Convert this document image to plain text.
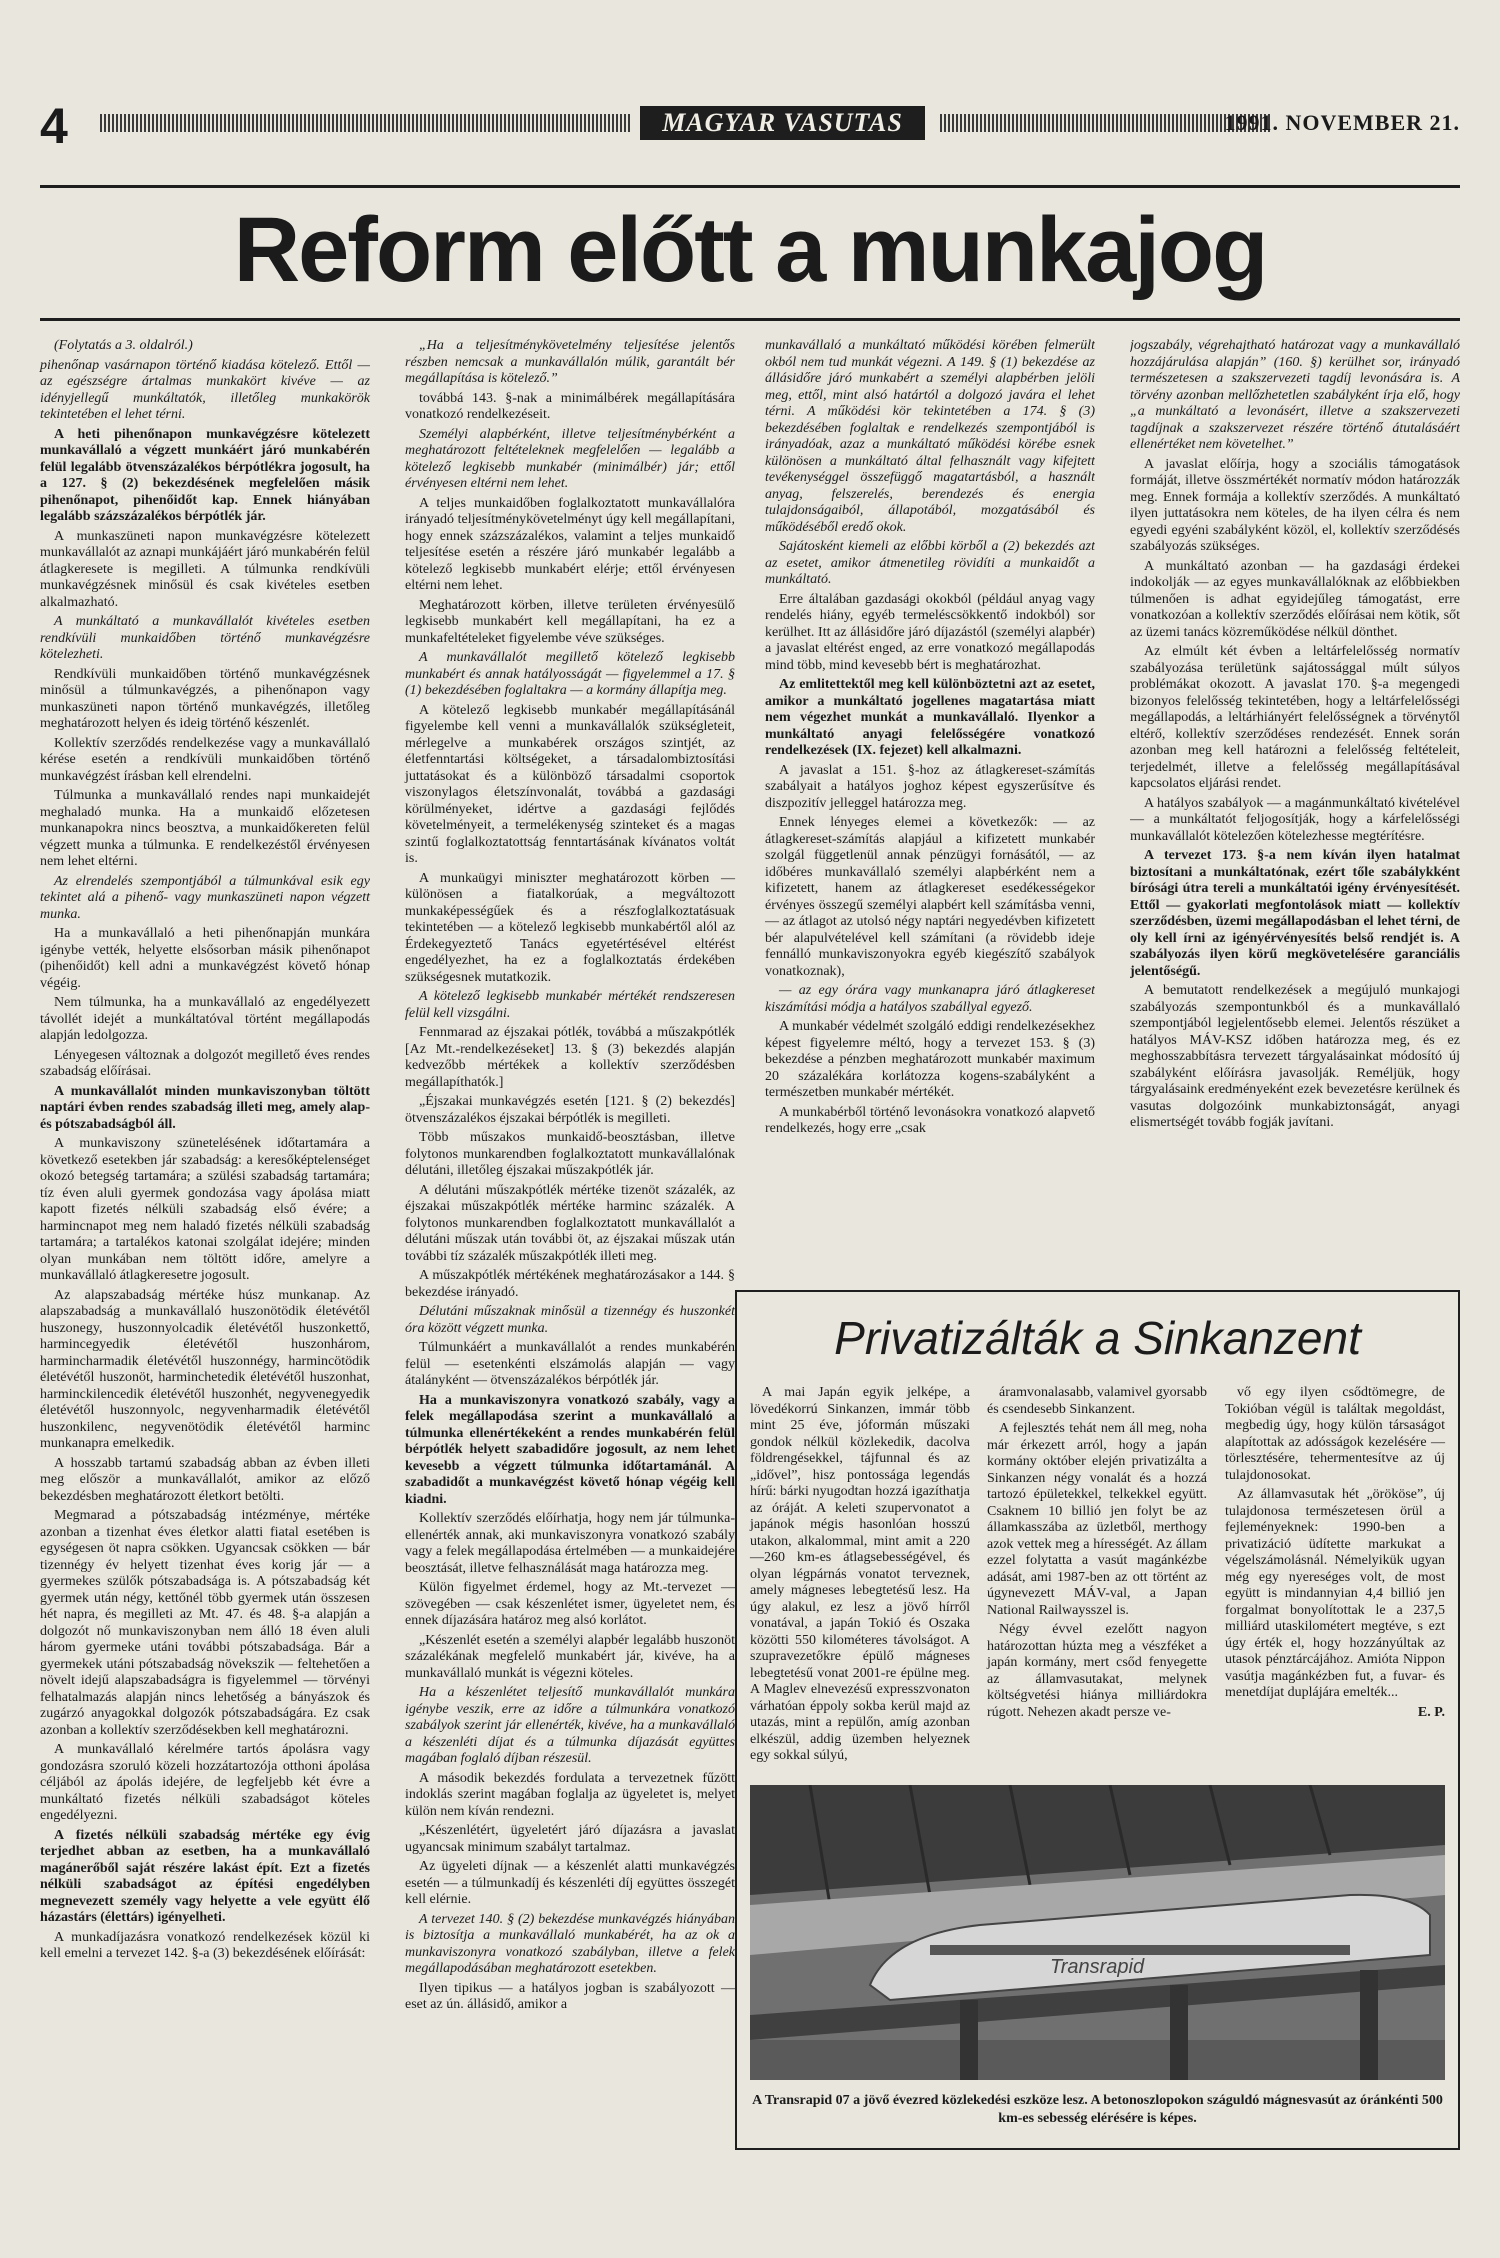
4	MAGYAR VASUTAS	1991. NOVEMBER 21.
Reform előtt a munkajog

(Folytatás a 3. oldalról.)

pihenőnap vasárnapon történő kiadása kötelező. Ettől — az egészségre ártalmas munkakört kivéve — az idényjellegű munkáltatók, illetőleg munkakörök tekintetében el lehet térni.

A heti pihenőnapon munkavégzésre kötelezett munkavállaló a végzett munkáért járó munkabérén felül legalább ötvenszázalékos bérpótlékra jogosult, ha a 127. § (2) bekezdésének megfelelően másik pihenőnapot, pihenőidőt kap. Ennek hiányában legalább százszázalékos bérpótlék jár.

A munkaszüneti napon munkavégzésre kötelezett munkavállalót az aznapi munkájáért járó munkabérén felül átlagkeresete is megilleti. A túlmunka rendkívüli munkavégzésnek minősül és csak kivételes esetben alkalmazható.

A munkáltató a munkavállalót kivételes esetben rendkívüli munkaidőben történő munkavégzésre kötelezheti.

Rendkívüli munkaidőben történő munkavégzésnek minősül a túlmunkavégzés, a pihenőnapon vagy munkaszüneti napon történő munkavégzés, illetőleg meghatározott helyen és ideig történő készenlét.

Kollektív szerződés rendelkezése vagy a munkavállaló kérése esetén a rendkívüli munkaidőben történő munkavégzést írásban kell elrendelni.

Túlmunka a munkavállaló rendes napi munkaidejét meghaladó munka. Ha a munkaidő előzetesen munkanapokra nincs beosztva, a munkaidőkereten felül végzett munka a túlmunka. E rendelkezéstől érvényesen nem lehet eltérni.

Az elrendelés szempontjából a túlmunkával esik egy tekintet alá a pihenő- vagy munkaszüneti napon végzett munka.

Ha a munkavállaló a heti pihenőnapján munkára igénybe vették, helyette elsősorban másik pihenőnapot (pihenőidőt) kell adni a munkavégzést követő hónap végéig.

Nem túlmunka, ha a munkavállaló az engedélyezett távollét idejét a munkáltatóval történt megállapodás alapján ledolgozza.

Lényegesen változnak a dolgozót megillető éves rendes szabadság előírásai.

A munkavállalót minden munkaviszonyban töltött naptári évben rendes szabadság illeti meg, amely alap- és pótszabadságból áll.

A munkaviszony szünetelésének időtartamára a következő esetekben jár szabadság: a keresőképtelenséget okozó betegség tartamára; a szülési szabadság tartamára; tíz éven aluli gyermek gondozása vagy ápolása miatt kapott fizetés nélküli szabadság első évére; a harmincnapot meg nem haladó fizetés nélküli szabadság tartamára; a tartalékos katonai szolgálat idejére; minden olyan munkában nem töltött időre, amelyre a munkavállaló átlagkeresetre jogosult.

Az alapszabadság mértéke húsz munkanap. Az alapszabadság a munkavállaló huszonötödik életévétől huszonegy, huszonnyolcadik életévétől huszonkettő, harmincegyedik életévétől huszonhárom, harmincharmadik életévétől huszonnégy, harmincötödik életévétől huszonöt, harminchetedik életévétől huszonhat, harminckilencedik életévétől huszonhét, negyvenegyedik életévétől huszonnyolc, negyvenharmadik életévétől huszonkilenc, negyvenötödik életévétől harminc munkanapra emelkedik.

A hosszabb tartamú szabadság abban az évben illeti meg először a munkavállalót, amikor az előző bekezdésben meghatározott életkort betölti.

Megmarad a pótszabadság intézménye, mértéke azonban a tizenhat éves életkor alatti fiatal esetében is egységesen öt napra csökken. Ugyancsak csökken — bár tizennégy év helyett tizenhat éves korig jár — a gyermekes szülők pótszabadsága is. A pótszabadság két gyermek után négy, kettőnél több gyermek után összesen hét napra, és megilleti az Mt. 47. és 48. §-a alapján a dolgozót nő munkaviszonyban nem álló 18 éven aluli három gyermeke utáni további pótszabadsága. Bár a gyermekek utáni pótszabadság növekszik — feltehetően a növelt idejű alapszabadságra is figyelemmel — törvényi felhatalmazás alapján nincs lehetőség a bányászok és zugárzó anyagokkal dolgozók pótszabadságára. Ez csak azonban a kollektív szerződésekben kell meghatározni.

A munkavállaló kérelmére tartós ápolásra vagy gondozásra szoruló közeli hozzátartozója otthoni ápolása céljából az ápolás idejére, de legfeljebb két évre a munkáltató fizetés nélküli szabadságot köteles engedélyezni.

A fizetés nélküli szabadság mértéke egy évig terjedhet abban az esetben, ha a munkavállaló magánerőből saját részére lakást épít. Ezt a fizetés nélküli szabadságot az építési engedélyben megnevezett személy vagy helyette a vele együtt élő házastárs (élettárs) igényelheti.

A munkadíjazásra vonatkozó rendelkezések közül ki kell emelni a tervezet 142. §-a (3) bekezdésének előírását:

„Ha a teljesítménykövetelmény teljesítése jelentős részben nemcsak a munkavállalón múlik, garantált bér megállapítása is kötelező.”

továbbá 143. §-nak a minimálbérek megállapítására vonatkozó rendelkezéseit.

Személyi alapbérként, illetve teljesítménybérként a meghatározott feltételeknek megfelelően — legalább a kötelező legkisebb munkabér (minimálbér) jár; ettől érvényesen eltérni nem lehet.

A teljes munkaidőben foglalkoztatott munkavállalóra irányadó teljesítménykövetelményt úgy kell megállapítani, hogy ennek százszázalékos, valamint a teljes munkaidő teljesítése esetén a részére járó munkabér legalább a kötelező legkisebb munkabért elérje; ettől érvényesen eltérni nem lehet.

Meghatározott körben, illetve területen érvényesülő legkisebb munkabért kell megállapítani, ha ez a munkafeltételeket figyelembe véve szükséges.

A munkavállalót megillető kötelező legkisebb munkabért és annak hatályosságát — figyelemmel a 17. § (1) bekezdésében foglaltakra — a kormány állapítja meg.

A kötelező legkisebb munkabér megállapításánál figyelembe kell venni a munkavállalók szükségleteit, mérlegelve a munkabérek országos szintjét, az életfenntartási költségeket, a társadalombiztosítási juttatásokat és a különböző társadalmi csoportok viszonylagos életszínvonalát, továbbá a gazdasági körülményeket, idértve a gazdasági fejlődés követelményeit, a termelékenység szinteket és a magas szintű foglalkoztatottság fenntartásának kívánatos voltát is.

A munkaügyi miniszter meghatározott körben — különösen a fiatalkorúak, a megváltozott munkaképességűek és a részfoglalkoztatásuak tekintetében — a kötelező legkisebb munkabértől alól az Érdekegyeztető Tanács egyetértésével eltérést engedélyezhet, ha ez a foglalkoztatás érdekében szükségesnek mutatkozik.

A kötelező legkisebb munkabér mértékét rendszeresen felül kell vizsgálni.

Fennmarad az éjszakai pótlék, továbbá a műszakpótlék [Az Mt.-rendelkezéseket] 13. § (3) bekezdés alapján kedvezőbb mértékek a kollektív szerződésben megállapíthatók.]

„Éjszakai munkavégzés esetén [121. § (2) bekezdés] ötvenszázalékos éjszakai bérpótlék is megilleti.

Több műszakos munkaidő-beosztásban, illetve folytonos munkarendben foglalkoztatott munkavállalónak délutáni, illetőleg éjszakai műszakpótlék jár.

A délutáni műszakpótlék mértéke tizenöt százalék, az éjszakai műszakpótlék mértéke harminc százalék. A folytonos munkarendben foglalkoztatott munkavállalót a délutáni műszak után további öt, az éjszakai műszak után további tíz százalék műszakpótlék illeti meg.

A műszakpótlék mértékének meghatározásakor a 144. § bekezdése irányadó.

Délutáni műszaknak minősül a tizennégy és huszonkét óra között végzett munka.

Túlmunkáért a munkavállalót a rendes munkabérén felül — esetenkénti elszámolás alapján — vagy átalányként — ötvenszázalékos bérpótlék jár.

Ha a munkaviszonyra vonatkozó szabály, vagy a felek megállapodása szerint a munkavállaló a túlmunka ellenértékeként a rendes munkabérén felül bérpótlék helyett szabadidőre jogosult, az nem lehet kevesebb a végzett túlmunka időtartamánál. A szabadidőt a munkavégzést követő hónap végéig kell kiadni.

Kollektív szerződés előírhatja, hogy nem jár túlmunka-ellenérték annak, aki munkaviszonyra vonatkozó szabály vagy a felek megállapodása értelmében — a munkaidejére beosztását, illetve felhasználását maga határozza meg.

Külön figyelmet érdemel, hogy az Mt.-tervezet — szövegében — csak készenlétet ismer, ügyeletet nem, és ennek díjazására határoz meg alsó korlátot.

„Készenlét esetén a személyi alapbér legalább huszonöt százalékának megfelelő munkabért jár, kivéve, ha a munkavállaló munkát is végezni köteles.

Ha a készenlétet teljesítő munkavállalót munkára igénybe veszik, erre az időre a túlmunkára vonatkozó szabályok szerint jár ellenérték, kivéve, ha a munkavállaló a készenléti díjat és a túlmunka díjazását együttes magában foglaló díjban részesül.

A második bekezdés fordulata a tervezetnek fűzött indoklás szerint magában foglalja az ügyeletet is, melyet külön nem kíván rendezni.

„Készenlétért, ügyeletért járó díjazásra a javaslat ugyancsak minimum szabályt tartalmaz.

Az ügyeleti díjnak — a készenlét alatti munkavégzés esetén — a túlmunkadíj és készenléti díj együttes összegét kell elérnie.

A tervezet 140. § (2) bekezdése munkavégzés hiányában is biztosítja a munkavállaló munkabérét, ha az ok a munkaviszonyra vonatkozó szabályban, illetve a felek megállapodásában meghatározott esetekben.

Ilyen tipikus — a hatályos jogban is szabályozott — eset az ún. állásidő, amikor a

munkavállaló a munkáltató működési körében felmerült okból nem tud munkát végezni. A 149. § (1) bekezdése az állásidőre járó munkabért a személyi alapbérben jelöli meg, ettől, mint alsó határtól a dolgozó javára el lehet térni. A működési kör tekintetében a 174. § (3) bekezdésében foglaltak e rendelkezés szempontjából is irányadóak, azaz a munkáltató működési körébe esnek különösen a munkáltató által felhasznált vagy kifejtett tevékenységgel összefüggő magatartásból, a használt anyag, felszerelés, berendezés és energia tulajdonságaiból, állapotából, mozgatásából és működéséből eredő okok.

Sajátosként kiemeli az előbbi körből a (2) bekezdés azt az esetet, amikor átmenetileg rövidíti a munkaidőt a munkáltató.

Erre általában gazdasági okokból (például anyag vagy rendelés hiány, egyéb termeléscsökkentő indokból) sor kerülhet. Itt az állásidőre járó díjazástól (személyi alapbér) a javaslat eltérést enged, az erre vonatkozó megállapodás mind több, mind kevesebb bért is meghatározhat.

Az emlitettektől meg kell különböztetni azt az esetet, amikor a munkáltató jogellenes magatartása miatt nem végezhet munkát a munkavállaló. Ilyenkor a munkáltató anyagi felelősségére vonatkozó rendelkezések (IX. fejezet) kell alkalmazni.

A javaslat a 151. §-hoz az átlagkereset-számítás szabályait a hatályos joghoz képest egyszerűsítve és diszpozitív jelleggel határozza meg.

Ennek lényeges elemei a következők: — az átlagkereset-számítás alapjául a kifizetett munkabér szolgál függetlenül annak pénzügyi fornásától, — az időbéres munkavállaló személyi alapbérként nem a kifizetett, hanem az átlagkereset esedékességekor érvényes összegű személyi alapbért kell számításba venni, — az átlagot az utolsó négy naptári negyedévben kifizetett bér alapulvételével kell számítani (a rövidebb ideje fennálló munkaviszonyokra egyéb kiegészítő szabályok vonatkoznak),

— az egy órára vagy munkanapra járó átlagkereset kiszámítási módja a hatályos szabállyal egyező.

A munkabér védelmét szolgáló eddigi rendelkezésekhez képest figyelemre méltó, hogy a tervezet 153. § (3) bekezdése a pénzben meghatározott munkabér maximum 20 százalékára korlátozza kogens-szabályként a természetben munkabér mértékét.

A munkabérből történő levonásokra vonatkozó alapvető rendelkezés, hogy erre „csak

jogszabály, végrehajtható határozat vagy a munkavállaló hozzájárulása alapján” (160. §) kerülhet sor, irányadó természetesen a szakszervezeti tagdíj levonására is. A törvény azonban mellőzhetetlen szabályként írja elő, hogy „a munkáltató a levonásért, illetve a szakszervezeti tagdíjnak a szakszervezet részére történő átutalásáért ellenértéket nem követelhet.”

A javaslat előírja, hogy a szociális támogatások formáját, illetve összmértékét normatív módon határozzák meg. Ennek formája a kollektív szerződés. A munkáltató ilyen juttatásokra nem köteles, de ha ilyen célra és nem egyedi egyéni szabályként közöl, el, kollektív szerződésés szabályozás szükséges.

A munkáltató azonban — ha gazdasági érdekei indokolják — az egyes munkavállalóknak az előbbiekben túlmenően is adhat egyidejűleg támogatást, erre vonatkozóan a kollektív szerződés előírásai nem kötik, sőt az üzemi tanács közreműködése nélkül dönthet.

Az elmúlt két évben a leltárfelelősség normatív szabályozása területünk sajátossággal múlt súlyos problémákat okozott. A javaslat 170. §-a megengedi bizonyos felelősség tekintetében, hogy a leltárfelelősségi megállapodás, a leltárhiányért felelősségnek a törvénytől eltérő, kollektív szerződéses rendezését. Ennek során azonban meg kell határozni a felelősség feltételeit, terjedelmét, illetve a felelősség megállapításával kapcsolatos eljárási rendet.

A hatályos szabályok — a magánmunkáltató kivételével — a munkáltatót feljogosítják, hogy a kárfelelősségi munkavállalót kötelezően kötelezhesse megtérítésre.

A tervezet 173. §-a nem kíván ilyen hatalmat biztosítani a munkáltatónak, ezért tőle szabálykként bírósági útra tereli a munkáltatói igény érvényesítését. Ettől — gyakorlati megfontolások miatt — kollektív szerződésben, üzemi megállapodásban el lehet térni, de oly kell írni az igényérvényesítés belső rendjét is. A szabályozás ilyen körű megkövetelésére garanciális jelentőségű.

A bemutatott rendelkezések a megújuló munkajogi szabályozás szempontunkból és a munkavállaló szempontjából legjelentősebb elemei. Jelentős részüket a hatályos MÁV-KSZ időben határozza meg, és ez meghosszabbításra tervezett tárgyalásainkat módosító új szabályként előírásra javasolják. Reméljük, hogy tárgyalásaink eredményeként ezek bevezetésre kerülnek és vasutas dolgozóink munkabiztonságát, anyagi elismertségét tovább fogják javítani.

Privatizálták a Sinkanzent

A mai Japán egyik jelképe, a lövedékorrú Sinkanzen, immár több mint 25 éve, jóformán műszaki gondok nélkül közlekedik, dacolva földrengésekkel, tájfunnal és az „idővel”, hisz pontossága legendás hírű: bárki nyugodtan hozzá igazíthatja az óráját. A keleti szupervonatot a japánok mégis hasonlóan hosszú utakon, alkalommal, mint amit a 220—260 km-es átlagsebességével, és olyan légpárnás vonatot terveznek, amely mágneses lebegtetésű lesz. Ha úgy alakul, ez lesz a jövő hírről vonatával, a japán Tokió és Oszaka közötti 550 kilométeres távolságot. A szupravezetőkre épülő mágneses lebegtetésű vonat 2001-re épülne meg. A Maglev elnevezésű expresszvonaton várhatóan éppoly sokba kerül majd az utazás, mint a repülőn, amíg azonban elkészül, addig üzemben helyeznek egy sokkal súlyú,

áramvonalasabb, valamivel gyorsabb és csendesebb Sinkanzent.

A fejlesztés tehát nem áll meg, noha már érkezett arról, hogy a japán kormány október elején privatizálta a Sinkanzen négy vonalát és a hozzá tartozó épületekkel, telkekkel együtt. Csaknem 10 billió jen folyt be az államkasszába az üzletből, merthogy azok vettek meg a hírességét. Az állam ezzel folytatta a vasút magánkézbe adását, ami 1987-ben az ott történt az úgynevezett MÁV-val, a Japan National Railwaysszel is.

Négy évvel ezelőtt nagyon határozottan húzta meg a vészféket a japán kormány, mert csőd fenyegette az államvasutakat, melynek költségvetési hiánya milliárdokra rúgott. Nehezen akadt persze ve-

vő egy ilyen csődtömegre, de Tokióban végül is találtak megoldást, megbedig úgy, hogy külön társaságot alapítottak az adósságok kezelésére — törlesztésére, tehermentesítve az új tulajdonosokat.

Az államvasutak hét „örököse”, új tulajdonosa természetesen örül a fejleményeknek: 1990-ben a privatizáció üdítette markukat a végelszámolásnál. Némelyikük ugyan még egy nyereséges volt, de most együtt is mindannyian 4,4 billió jen forgalmat bonyolítottak le a 237,5 milliárd utaskilométert megtéve, s ezt úgy érték el, hogy hozzányúltak az utasok pénztárcájához. Amióta Nippon vasútja magánkézben fut, a fuvar- és menetdíjat duplájára emelték...

E. P.

Transrapid
A Transrapid 07 a jövő évezred közlekedési eszköze lesz. A betonoszlopokon száguldó mágnesvasút az óránkénti 500 km-es sebesség elérésére is képes.
